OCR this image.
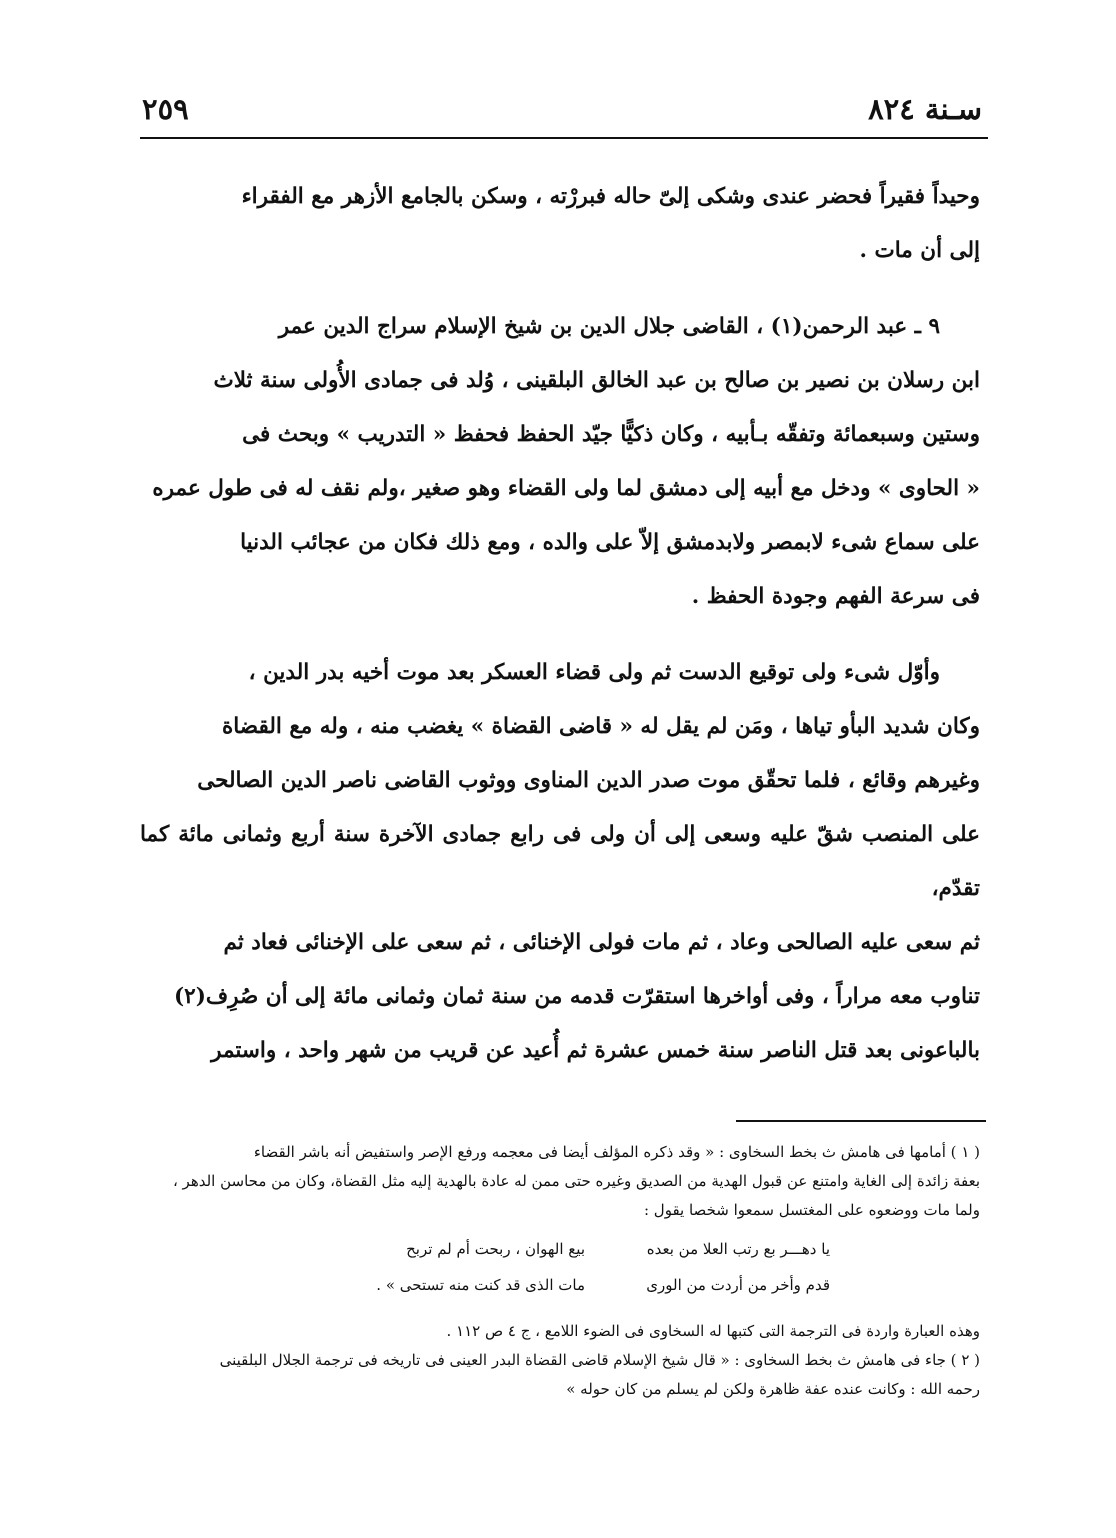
سـنة ٨٢٤
٢٥٩

وحيداً فقيراً فحضر عندى وشكى إلىّ حاله فبررْته ، وسكن بالجامع الأزهر مع الفقراء

إلى أن مات .

٩ ـ عبد الرحمن(١) ، القاضى جلال الدين بن شيخ الإسلام سراج الدين عمر

ابن رسلان بن نصير بن صالح بن عبد الخالق البلقينى ، وُلد فى جمادى الأُولى سنة ثلاث

وستين وسبعمائة وتفقّه بـأبيه ، وكان ذكيًّا جيّد الحفظ فحفظ « التدريب » وبحث فى

« الحاوى » ودخل مع أبيه إلى دمشق لما ولى القضاء وهو صغير ،ولم نقف له فى طول عمره

على سماع شىء لابمصر ولابدمشق إلاّ على والده ، ومع ذلك فكان من عجائب الدنيا

فى سرعة الفهم وجودة الحفظ .

وأوّل شىء ولى توقيع الدست ثم ولى قضاء العسكر بعد موت أخيه بدر الدين ،

وكان شديد البأو تياها ، ومَن لم يقل له « قاضى القضاة » يغضب منه ، وله مع القضاة

وغيرهم وقائع ، فلما تحقّق موت صدر الدين المناوى ووثوب القاضى ناصر الدين الصالحى

على المنصب شقّ عليه وسعى إلى أن ولى فى رابع جمادى الآخرة سنة أربع وثمانى مائة كما تقدّم،

ثم سعى عليه الصالحى وعاد ، ثم مات فولى الإخنائى ، ثم سعى على الإخنائى فعاد ثم

تناوب معه مراراً ، وفى أواخرها استقرّت قدمه من سنة ثمان وثمانى مائة إلى أن صُرِف(٢)

بالباعونى بعد قتل الناصر سنة خمس عشرة ثم أُعيد عن قريب من شهر واحد ، واستمر

( ١ ) أمامها فى هامش ث بخط السخاوى : « وقد ذكره المؤلف أيضا فى معجمه ورفع الإصر واستفيض أنه باشر القضاء

بعفة زائدة إلى الغاية وامتنع عن قبول الهدية من الصديق وغيره حتى ممن له عادة بالهدية إليه مثل القضاة، وكان من محاسن الدهر ،

ولما مات ووضعوه على المغتسل سمعوا شخصا يقول :

يا دهـــر بع رتب العلا من بعده
بيع الهوان ، ربحت أم لم تربح
قدم وأخر من أردت من الورى
مات الذى قد كنت منه تستحى » .

وهذه العبارة واردة فى الترجمة التى كتبها له السخاوى فى الضوء اللامع ، ج ٤ ص ١١٢ .

( ٢ ) جاء فى هامش ث بخط السخاوى : « قال شيخ الإسلام قاضى القضاة البدر العينى فى تاريخه فى ترجمة الجلال البلقينى

رحمه الله : وكانت عنده عفة ظاهرة ولكن لم يسلم من كان حوله »
